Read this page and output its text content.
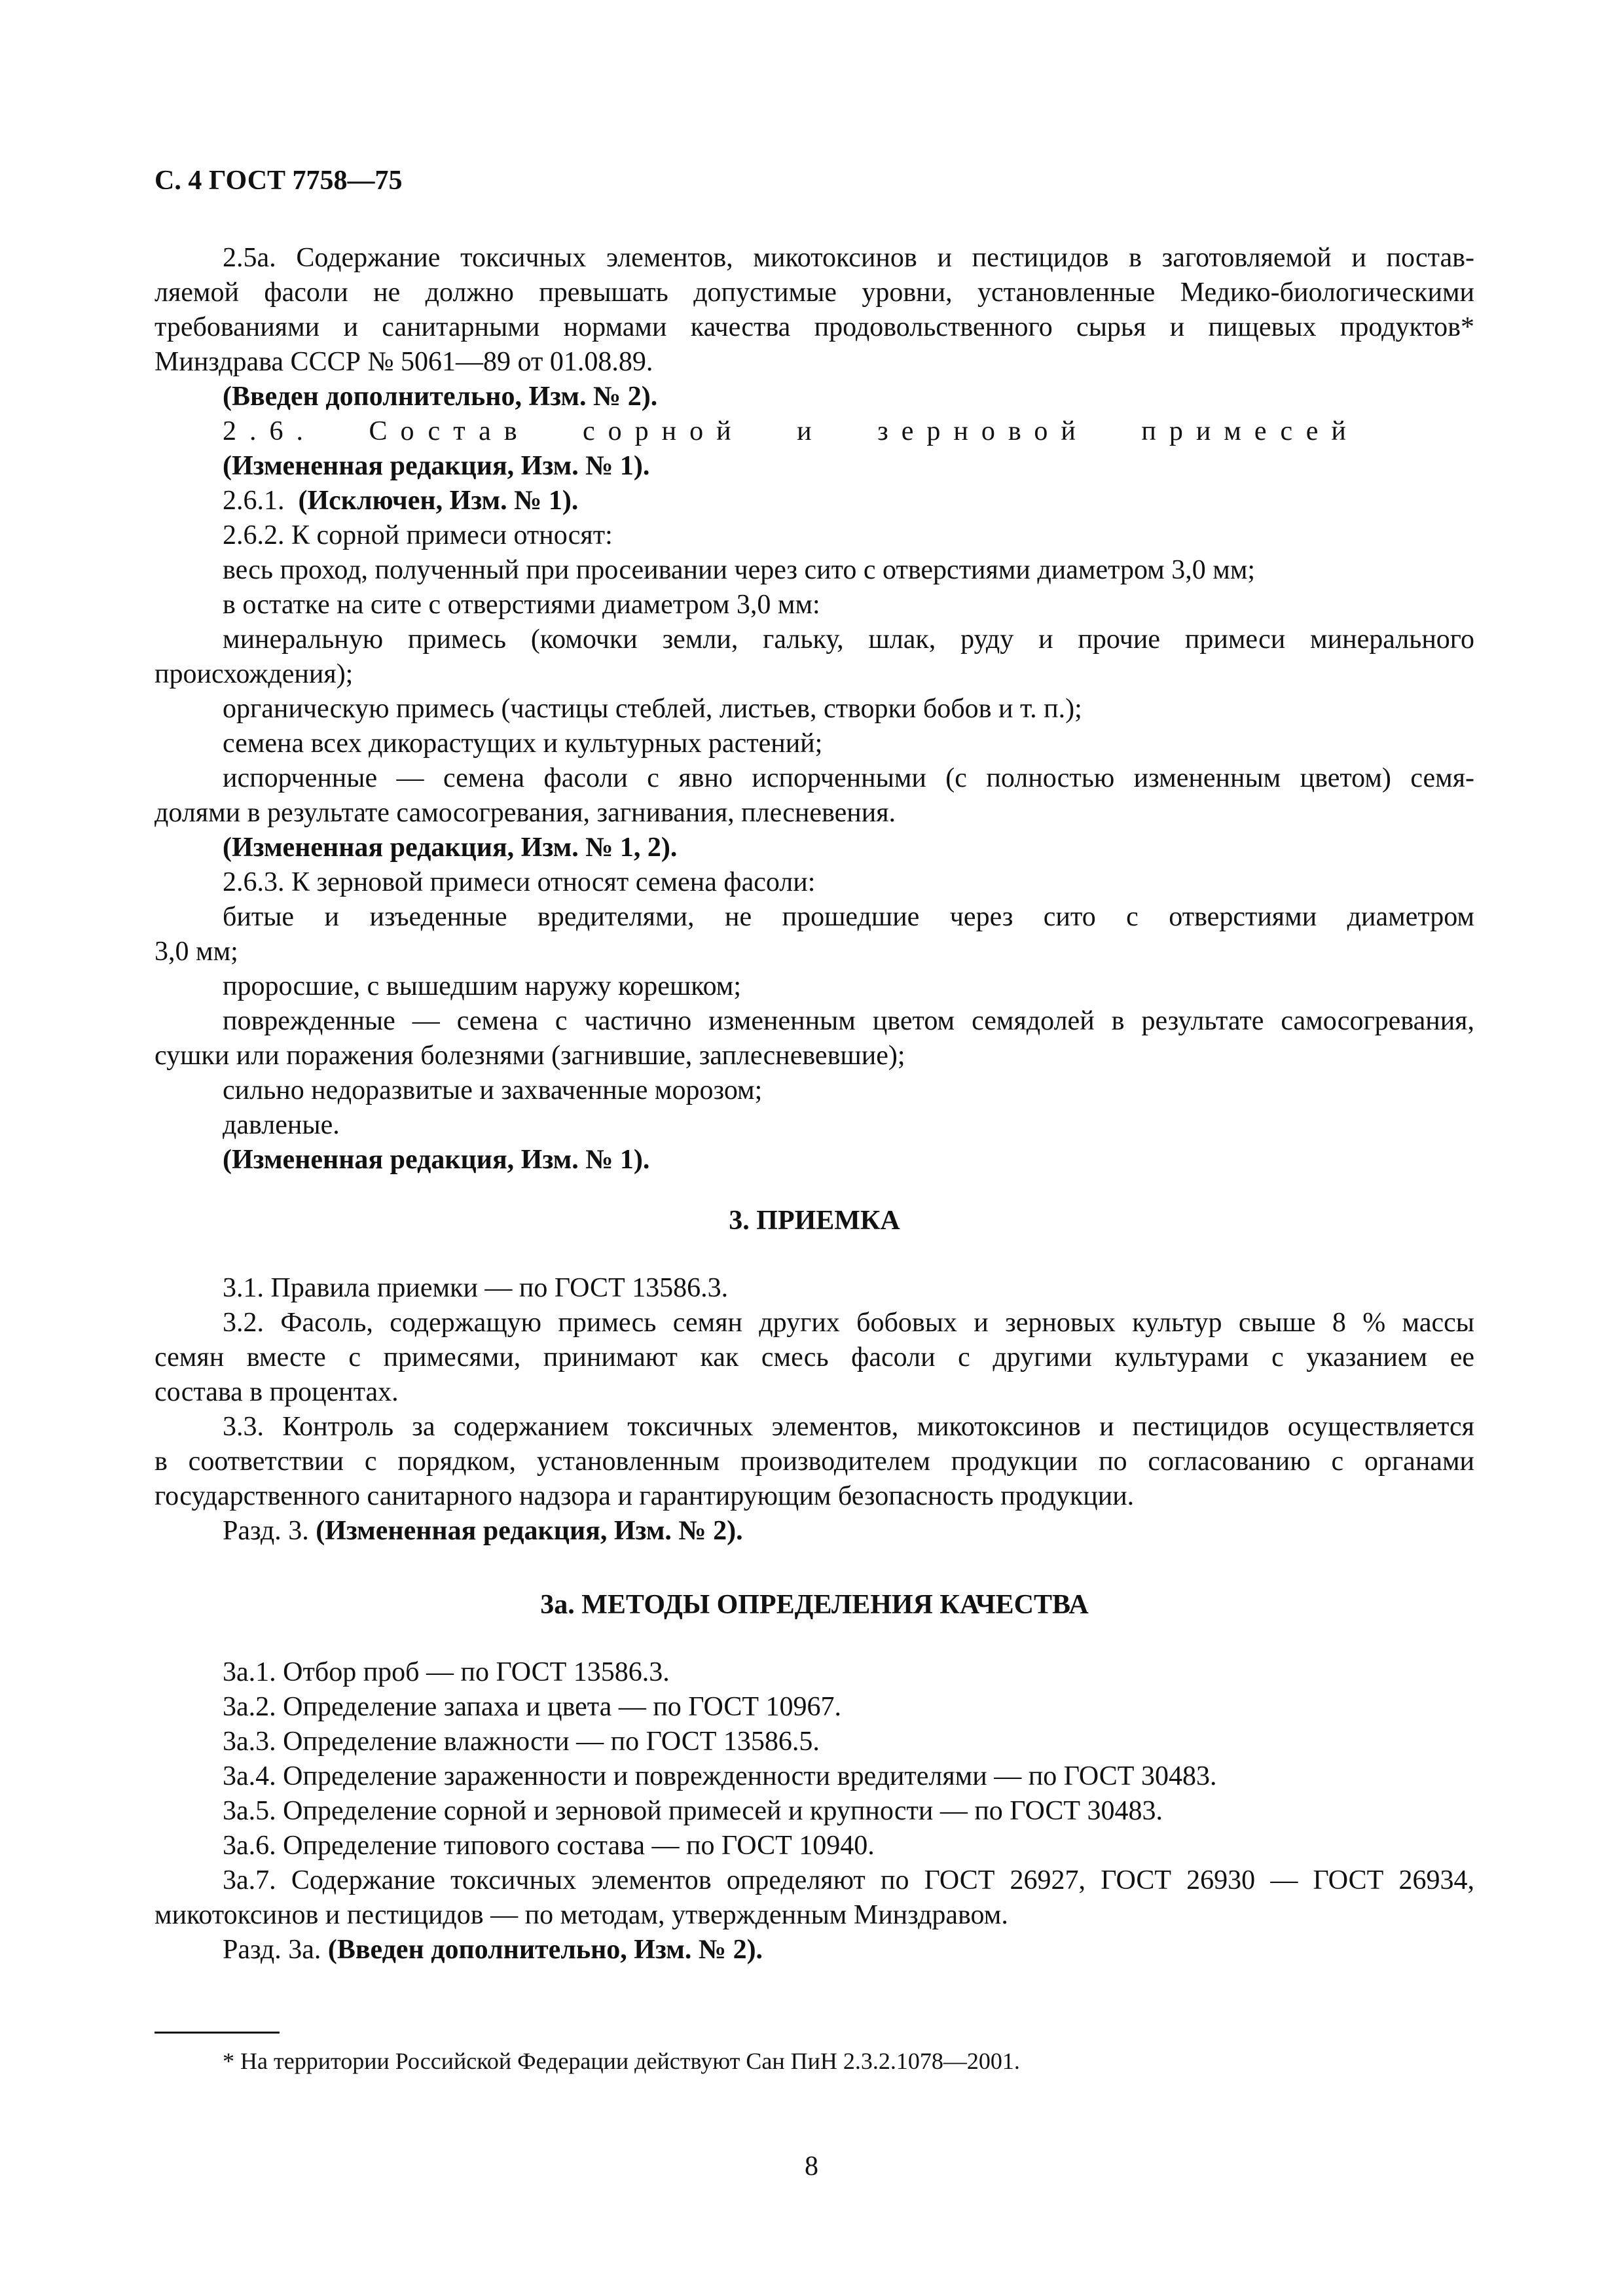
С. 4 ГОСТ 7758—75
2.5а. Содержание токсичных элементов, микотоксинов и пестицидов в заготовляемой и постав-
ляемой фасоли не должно превышать допустимые уровни, установленные Медико-биологическими
требованиями и санитарными нормами качества продовольственного сырья и пищевых продуктов*
Минздрава СССР № 5061—89 от 01.08.89.
(Введен дополнительно, Изм. № 2).
2.6. Состав сорной и зерновой примесей
(Измененная редакция, Изм. № 1).
2.6.1. (Исключен, Изм. № 1).
2.6.2. К сорной примеси относят:
весь проход, полученный при просеивании через сито с отверстиями диаметром 3,0 мм;
в остатке на сите с отверстиями диаметром 3,0 мм:
минеральную примесь (комочки земли, гальку, шлак, руду и прочие примеси минерального
происхождения);
органическую примесь (частицы стеблей, листьев, створки бобов и т. п.);
семена всех дикорастущих и культурных растений;
испорченные — семена фасоли с явно испорченными (с полностью измененным цветом) семя-
долями в результате самосогревания, загнивания, плесневения.
(Измененная редакция, Изм. № 1, 2).
2.6.3. К зерновой примеси относят семена фасоли:
битые и изъеденные вредителями, не прошедшие через сито с отверстиями диаметром
3,0 мм;
проросшие, с вышедшим наружу корешком;
поврежденные — семена с частично измененным цветом семядолей в результате самосогревания,
сушки или поражения болезнями (загнившие, заплесневевшие);
сильно недоразвитые и захваченные морозом;
давленые.
(Измененная редакция, Изм. № 1).
3. ПРИЕМКА
3.1. Правила приемки — по ГОСТ 13586.3.
3.2. Фасоль, содержащую примесь семян других бобовых и зерновых культур свыше 8 % массы
семян вместе с примесями, принимают как смесь фасоли с другими культурами с указанием ее
состава в процентах.
3.3. Контроль за содержанием токсичных элементов, микотоксинов и пестицидов осуществляется
в соответствии с порядком, установленным производителем продукции по согласованию с органами
государственного санитарного надзора и гарантирующим безопасность продукции.
Разд. 3. (Измененная редакция, Изм. № 2).
3а. МЕТОДЫ ОПРЕДЕЛЕНИЯ КАЧЕСТВА
3а.1. Отбор проб — по ГОСТ 13586.3.
3а.2. Определение запаха и цвета — по ГОСТ 10967.
3а.3. Определение влажности — по ГОСТ 13586.5.
3а.4. Определение зараженности и поврежденности вредителями — по ГОСТ 30483.
3а.5. Определение сорной и зерновой примесей и крупности — по ГОСТ 30483.
3а.6. Определение типового состава — по ГОСТ 10940.
3а.7. Содержание токсичных элементов определяют по ГОСТ 26927, ГОСТ 26930 — ГОСТ 26934,
микотоксинов и пестицидов — по методам, утвержденным Минздравом.
Разд. 3а. (Введен дополнительно, Изм. № 2).
* На территории Российской Федерации действуют Сан ПиН 2.3.2.1078—2001.
8
